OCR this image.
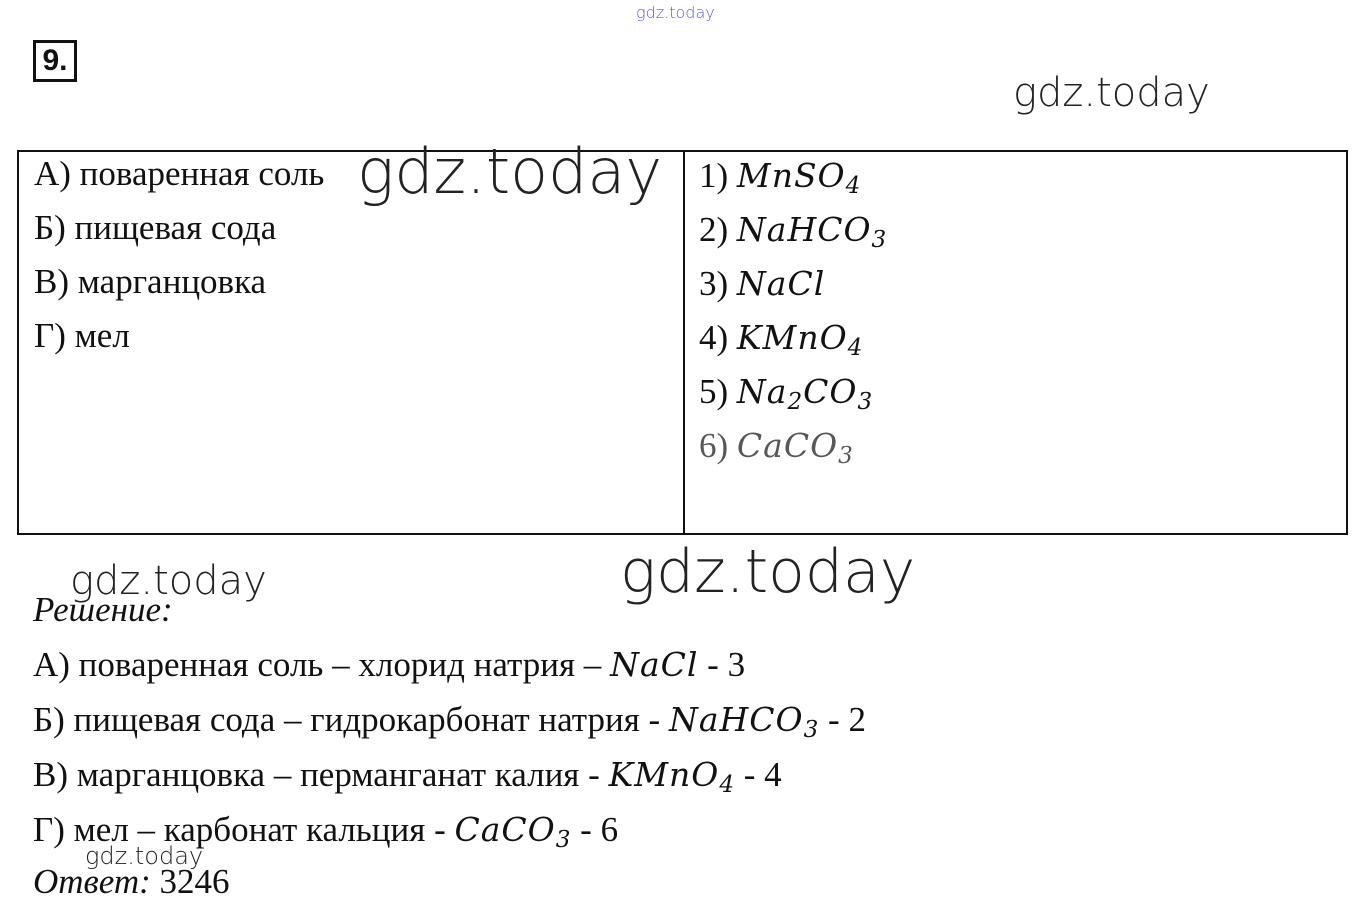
9.
gdz.today
gdz.today
А) поваренная соль
Б) пищевая сода
В) марганцовка
Г) мел
1) MnSO$_4$
2) NaHCO$_3$
3) NaCl
4) KMnO$_4$
5) $Na_2CO_3$
6) CaCO$_3$
gdz.today
gdz.today	gdz.today
Решение:
А) поваренная соль – хлорид натрия – NaCl - 3
Б) пищевая сода – гидрокарбонат натрия - NaHCO$_3$ - 2
В) марганцовка – перманганат калия - KMnO$_4$ - 4
Г) мел – карбонат кальция - CaCO$_3$ - 6
Ответ: 3246
gdz.today
